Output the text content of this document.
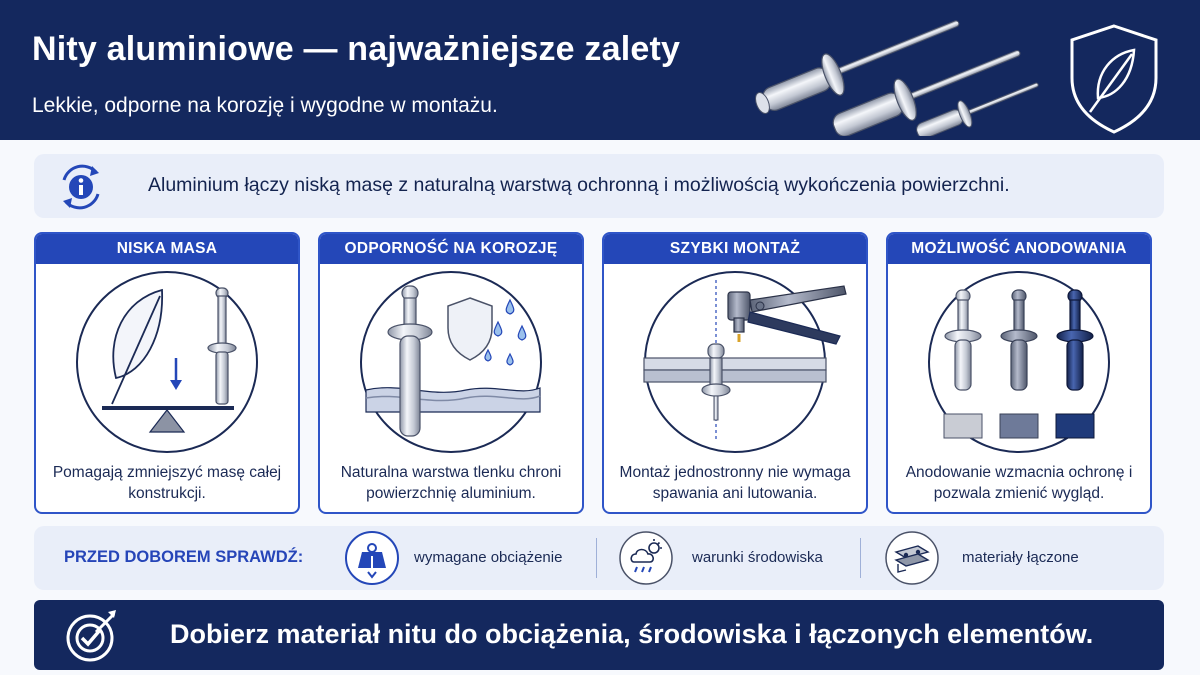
Nity aluminiowe — najważniejsze zalety
Lekkie, odporne na korozję i wygodne w montażu.
Aluminium łączy niską masę z naturalną warstwą ochronną i możliwością wykończenia powierzchni.
NISKA MASA
Pomagają zmniejszyć masę całej konstrukcji.
ODPORNOŚĆ NA KOROZJĘ
Naturalna warstwa tlenku chroni powierzchnię aluminium.
SZYBKI MONTAŻ
Montaż jednostronny nie wymaga spawania ani lutowania.
MOŻLIWOŚĆ ANODOWANIA
Anodowanie wzmacnia ochronę i pozwala zmienić wygląd.
PRZED DOBOREM SPRAWDŹ:	wymagane obciążenie	warunki środowiska	materiały łączone
Dobierz materiał nitu do obciążenia, środowiska i łączonych elementów.
